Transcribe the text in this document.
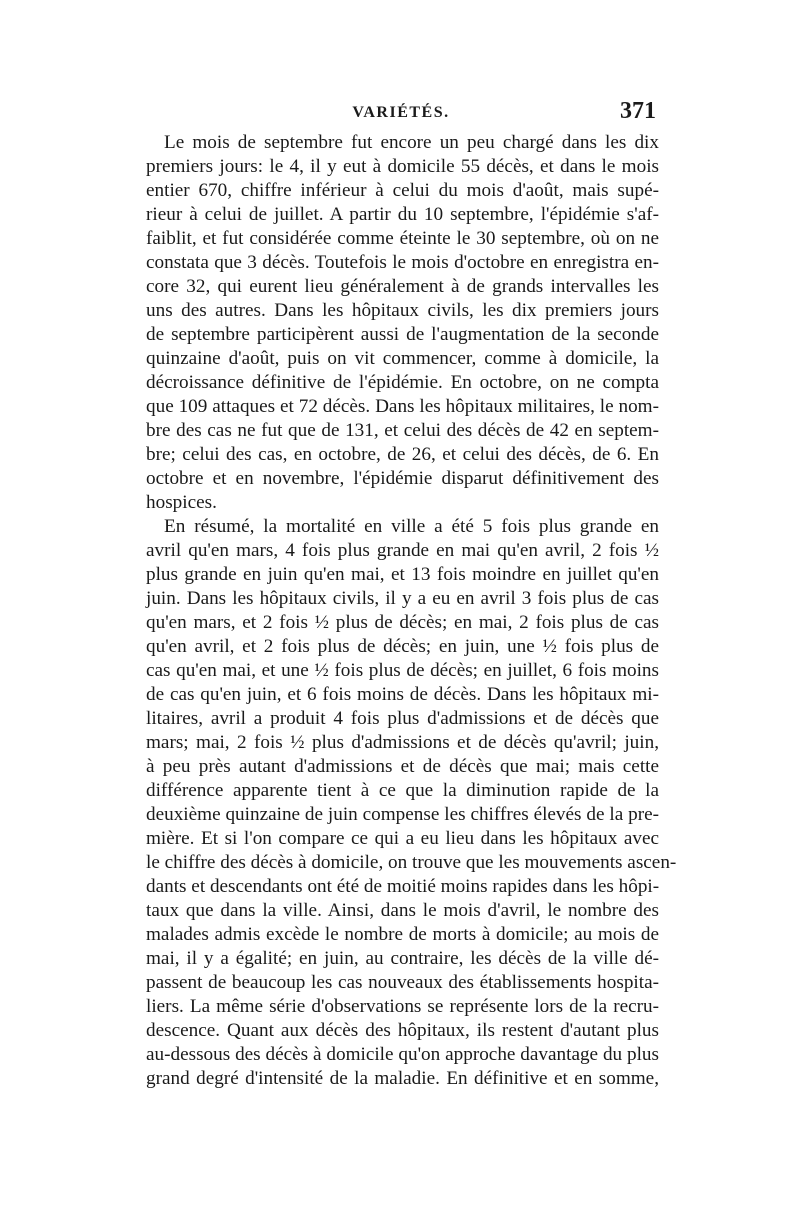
VARIÉTÉS.	371
Le mois de septembre fut encore un peu chargé dans les dix
premiers jours: le 4, il y eut à domicile 55 décès, et dans le mois
entier 670, chiffre inférieur à celui du mois d'août, mais supé-
rieur à celui de juillet. A partir du 10 septembre, l'épidémie s'af-
faiblit, et fut considérée comme éteinte le 30 septembre, où on ne
constata que 3 décès. Toutefois le mois d'octobre en enregistra en-
core 32, qui eurent lieu généralement à de grands intervalles les
uns des autres. Dans les hôpitaux civils, les dix premiers jours
de septembre participèrent aussi de l'augmentation de la seconde
quinzaine d'août, puis on vit commencer, comme à domicile, la
décroissance définitive de l'épidémie. En octobre, on ne compta
que 109 attaques et 72 décès. Dans les hôpitaux militaires, le nom-
bre des cas ne fut que de 131, et celui des décès de 42 en septem-
bre; celui des cas, en octobre, de 26, et celui des décès, de 6. En
octobre et en novembre, l'épidémie disparut définitivement des
hospices.
En résumé, la mortalité en ville a été 5 fois plus grande en
avril qu'en mars, 4 fois plus grande en mai qu'en avril, 2 fois ½
plus grande en juin qu'en mai, et 13 fois moindre en juillet qu'en
juin. Dans les hôpitaux civils, il y a eu en avril 3 fois plus de cas
qu'en mars, et 2 fois ½ plus de décès; en mai, 2 fois plus de cas
qu'en avril, et 2 fois plus de décès; en juin, une ½ fois plus de
cas qu'en mai, et une ½ fois plus de décès; en juillet, 6 fois moins
de cas qu'en juin, et 6 fois moins de décès. Dans les hôpitaux mi-
litaires, avril a produit 4 fois plus d'admissions et de décès que
mars; mai, 2 fois ½ plus d'admissions et de décès qu'avril; juin,
à peu près autant d'admissions et de décès que mai; mais cette
différence apparente tient à ce que la diminution rapide de la
deuxième quinzaine de juin compense les chiffres élevés de la pre-
mière. Et si l'on compare ce qui a eu lieu dans les hôpitaux avec
le chiffre des décès à domicile, on trouve que les mouvements ascen-
dants et descendants ont été de moitié moins rapides dans les hôpi-
taux que dans la ville. Ainsi, dans le mois d'avril, le nombre des
malades admis excède le nombre de morts à domicile; au mois de
mai, il y a égalité; en juin, au contraire, les décès de la ville dé-
passent de beaucoup les cas nouveaux des établissements hospita-
liers. La même série d'observations se représente lors de la recru-
descence. Quant aux décès des hôpitaux, ils restent d'autant plus
au-dessous des décès à domicile qu'on approche davantage du plus
grand degré d'intensité de la maladie. En définitive et en somme,
